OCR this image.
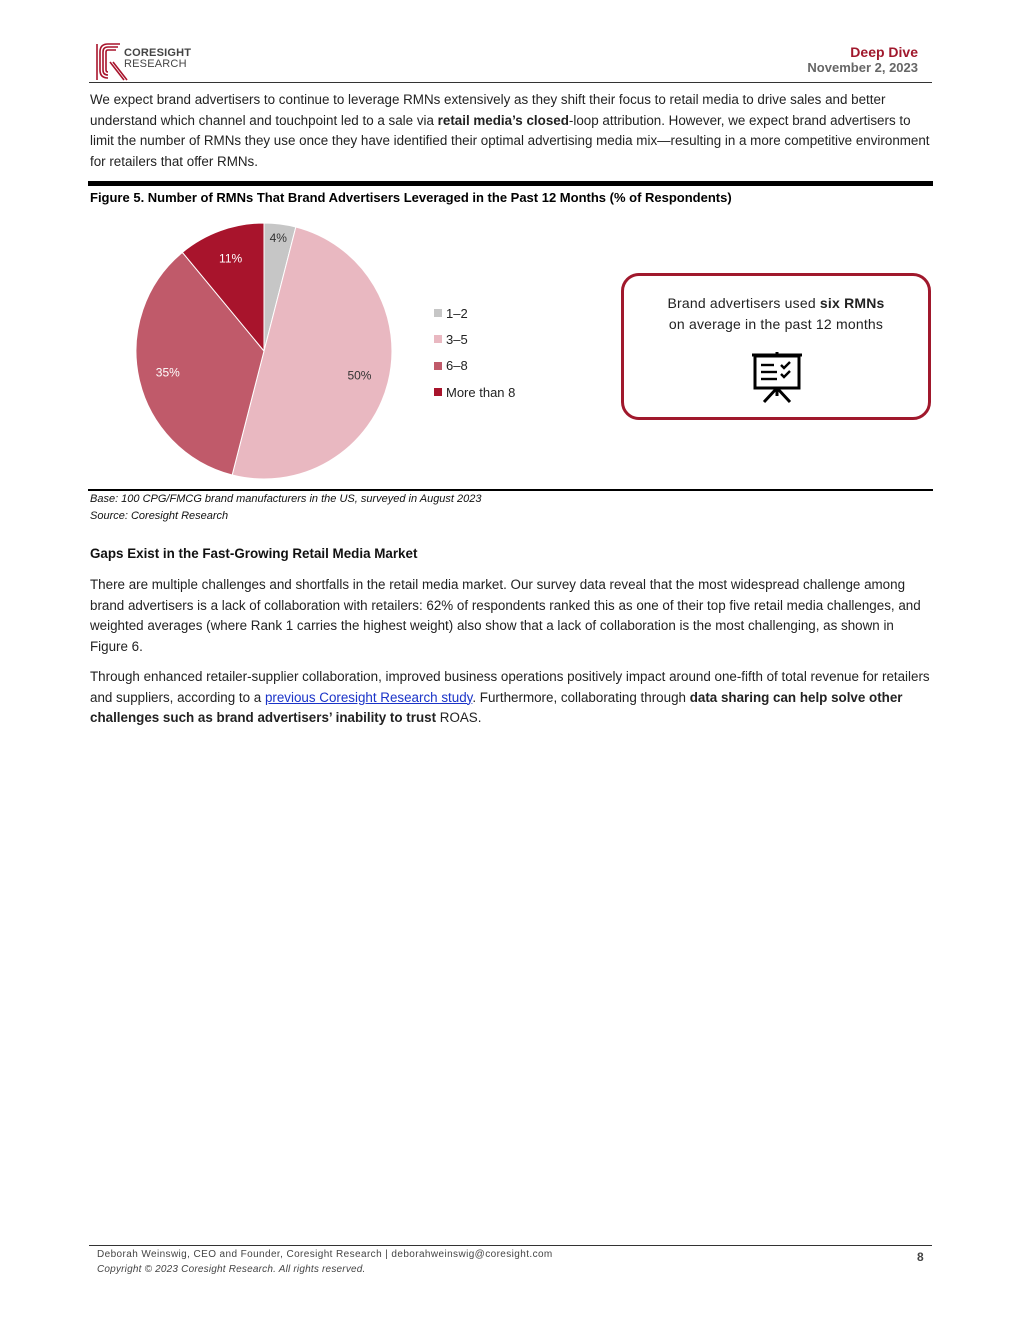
CORESIGHT
RESEARCH
Deep Dive
November 2, 2023
We expect brand advertisers to continue to leverage RMNs extensively as they shift their focus to retail media to drive sales and better understand which channel and touchpoint led to a sale via retail media’s closed-loop attribution. However, we expect brand advertisers to limit the number of RMNs they use once they have identified their optimal advertising media mix—resulting in a more competitive environment for retailers that offer RMNs.
Figure 5. Number of RMNs That Brand Advertisers Leveraged in the Past 12 Months (% of Respondents)
4%
50%
35%
11%
1–2
3–5
6–8
More than 8
Brand advertisers used six RMNs
on average in the past 12 months
Base: 100 CPG/FMCG brand manufacturers in the US, surveyed in August 2023
Source: Coresight Research
Gaps Exist in the Fast-Growing Retail Media Market
There are multiple challenges and shortfalls in the retail media market. Our survey data reveal that the most widespread challenge among brand advertisers is a lack of collaboration with retailers: 62% of respondents ranked this as one of their top five retail media challenges, and weighted averages (where Rank 1 carries the highest weight) also show that a lack of collaboration is the most challenging, as shown in Figure 6.
Through enhanced retailer-supplier collaboration, improved business operations positively impact around one-fifth of total revenue for retailers and suppliers, according to a previous Coresight Research study. Furthermore, collaborating through data sharing can help solve other challenges such as brand advertisers’ inability to trust ROAS.
Deborah Weinswig, CEO and Founder, Coresight Research | deborahweinswig@coresight.com
Copyright © 2023 Coresight Research. All rights reserved.
8
